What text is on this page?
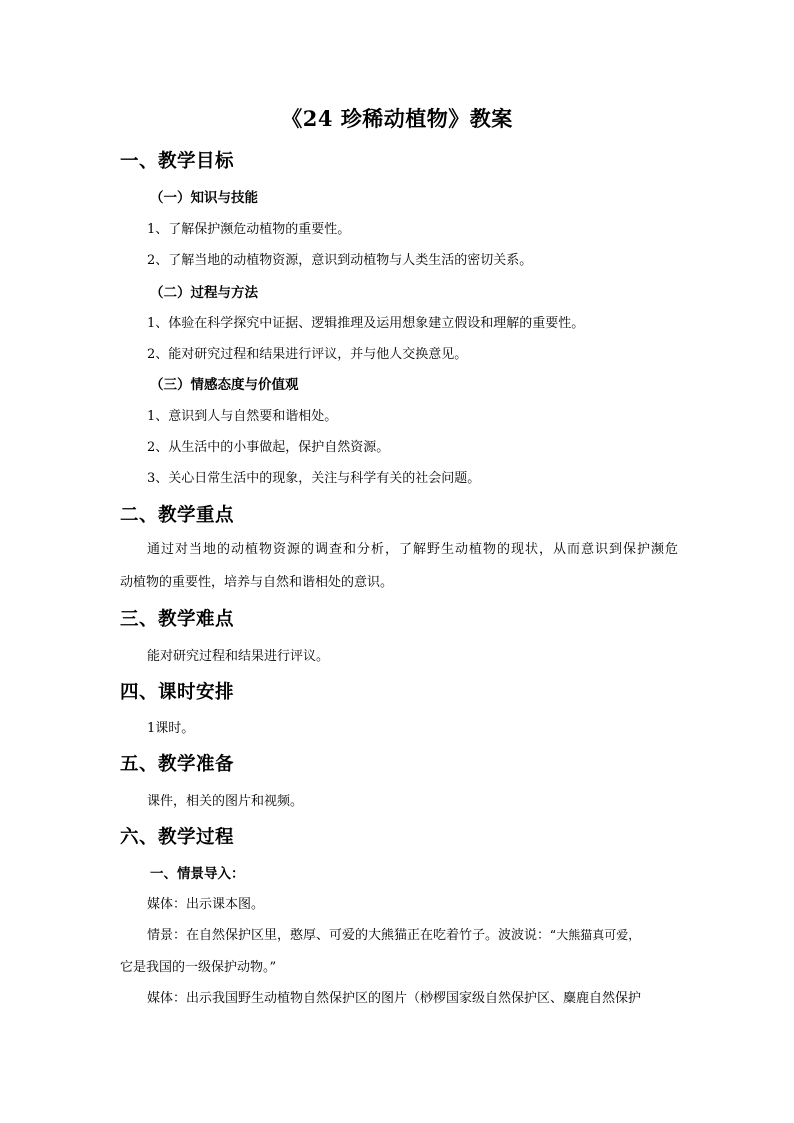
《24 珍稀动植物》教案
一、教学目标
（一）知识与技能
1、了解保护濒危动植物的重要性。
2、了解当地的动植物资源，意识到动植物与人类生活的密切关系。
（二）过程与方法
1、体验在科学探究中证据、逻辑推理及运用想象建立假设和理解的重要性。
2、能对研究过程和结果进行评议，并与他人交换意见。
（三）情感态度与价值观
1、意识到人与自然要和谐相处。
2、从生活中的小事做起，保护自然资源。
3、关心日常生活中的现象，关注与科学有关的社会问题。
二、教学重点
通过对当地的动植物资源的调查和分析，了解野生动植物的现状，从而意识到保护濒危
动植物的重要性，培养与自然和谐相处的意识。
三、教学难点
能对研究过程和结果进行评议。
四、课时安排
1课时。
五、教学准备
课件，相关的图片和视频。
六、教学过程
一、情景导入：
媒体：出示课本图。
情景：在自然保护区里，憨厚、可爱的大熊猫正在吃着竹子。波波说：“大熊猫真可爱，
它是我国的一级保护动物。”
媒体：出示我国野生动植物自然保护区的图片（桫椤国家级自然保护区、麋鹿自然保护
